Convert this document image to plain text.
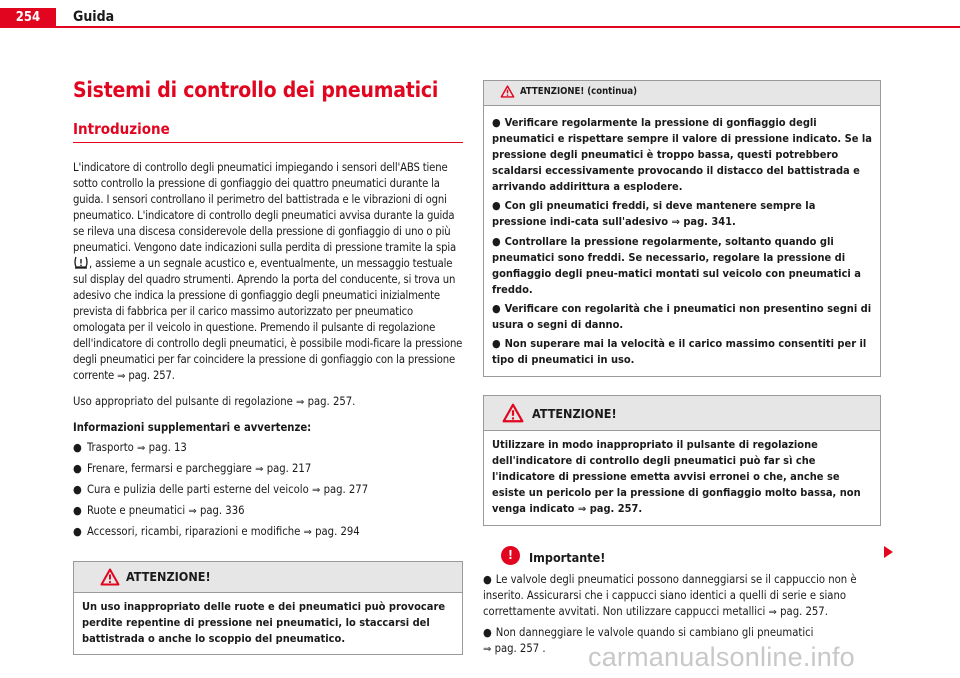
254	Guida
Sistemi di controllo dei pneumatici
Introduzione

L'indicatore di controllo degli pneumatici impiegando i sensori dell'ABS tiene sotto controllo la pressione di gonfiaggio dei quattro pneumatici durante la guida. I sensori controllano il perimetro del battistrada e le vibrazioni di ogni pneumatico. L'indicatore di controllo degli pneumatici avvisa durante la guida se rileva una discesa considerevole della pressione di gonfiaggio di uno o più pneumatici. Vengono date indicazioni sulla perdita di pressione tramite la spia , assieme a un segnale acustico e, eventualmente, un messaggio testuale sul display del quadro strumenti. Aprendo la porta del conducente, si trova un adesivo che indica la pressione di gonfiaggio degli pneumatici inizialmente prevista di fabbrica per il carico massimo autorizzato per pneumatico omologata per il veicolo in questione. Premendo il pulsante di regolazione dell'indicatore di controllo degli pneumatici, è possibile modi-ficare la pressione degli pneumatici per far coincidere la pressione di gonfiaggio con la pressione corrente ⇒ pag. 257.

Uso appropriato del pulsante di regolazione ⇒ pag. 257.

Informazioni supplementari e avvertenze:

● Trasporto ⇒ pag. 13
● Frenare, fermarsi e parcheggiare ⇒ pag. 217
● Cura e pulizia delle parti esterne del veicolo ⇒ pag. 277
● Ruote e pneumatici ⇒ pag. 336
● Accessori, ricambi, riparazioni e modifiche ⇒ pag. 294
ATTENZIONE!
Un uso inappropriato delle ruote e dei pneumatici può provocare perdite repentine di pressione nei pneumatici, lo staccarsi del battistrada o anche lo scoppio del pneumatico.
ATTENZIONE! (continua)
● Verificare regolarmente la pressione di gonfiaggio degli pneumatici e rispettare sempre il valore di pressione indicato. Se la pressione degli pneumatici è troppo bassa, questi potrebbero scaldarsi eccessivamente provocando il distacco del battistrada e arrivando addirittura a esplodere.
● Con gli pneumatici freddi, si deve mantenere sempre la pressione indi-cata sull'adesivo ⇒ pag. 341.
● Controllare la pressione regolarmente, soltanto quando gli pneumatici sono freddi. Se necessario, regolare la pressione di gonfiaggio degli pneu-matici montati sul veicolo con pneumatici a freddo.
● Verificare con regolarità che i pneumatici non presentino segni di usura o segni di danno.
● Non superare mai la velocità e il carico massimo consentiti per il tipo di pneumatici in uso.
ATTENZIONE!
Utilizzare in modo inappropriato il pulsante di regolazione dell'indicatore di controllo degli pneumatici può far sì che l'indicatore di pressione emetta avvisi erronei o che, anche se esiste un pericolo per la pressione di gonfiaggio molto bassa, non venga indicato ⇒ pag. 257.
!	Importante!
● Le valvole degli pneumatici possono danneggiarsi se il cappuccio non è inserito. Assicurarsi che i cappucci siano identici a quelli di serie e siano correttamente avvitati. Non utilizzare cappucci metallici ⇒ pag. 257.
● Non danneggiare le valvole quando si cambiano gli pneumatici
⇒ pag. 257 .	carmanualsonline.info
